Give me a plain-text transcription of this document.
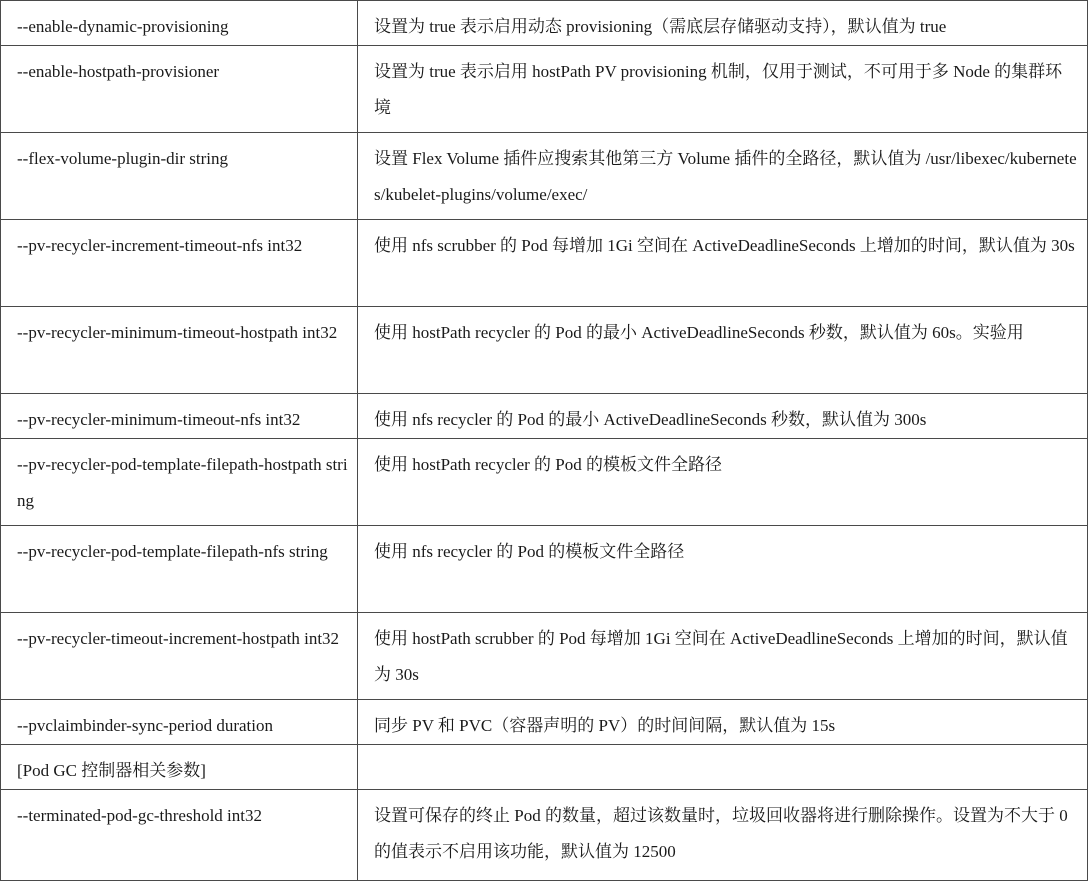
--enable-dynamic-provisioning	设置为 true 表示启用动态 provisioning（需底层存储驱动支持），默认值为 true
--enable-hostpath-provisioner	设置为 true 表示启用 hostPath PV provisioning 机制，仅用于测试，不可用于多 Node 的集群环境
--flex-volume-plugin-dir string	设置 Flex Volume 插件应搜索其他第三方 Volume 插件的全路径，默认值为 /usr/libexec/kubernetes/kubelet-plugins/volume/exec/
--pv-recycler-increment-timeout-nfs int32	使用 nfs scrubber 的 Pod 每增加 1Gi 空间在 ActiveDeadlineSeconds 上增加的时间，默认值为 30s
--pv-recycler-minimum-timeout-hostpath int32	使用 hostPath recycler 的 Pod 的最小 ActiveDeadlineSeconds 秒数，默认值为 60s。实验用
--pv-recycler-minimum-timeout-nfs int32	使用 nfs recycler 的 Pod 的最小 ActiveDeadlineSeconds 秒数，默认值为 300s
--pv-recycler-pod-template-filepath-hostpath string	使用 hostPath recycler 的 Pod 的模板文件全路径
--pv-recycler-pod-template-filepath-nfs string	使用 nfs recycler 的 Pod 的模板文件全路径
--pv-recycler-timeout-increment-hostpath int32	使用 hostPath scrubber 的 Pod 每增加 1Gi 空间在 ActiveDeadlineSeconds 上增加的时间，默认值为 30s
--pvclaimbinder-sync-period duration	同步 PV 和 PVC（容器声明的 PV）的时间间隔，默认值为 15s
[Pod GC 控制器相关参数]	
--terminated-pod-gc-threshold int32	设置可保存的终止 Pod 的数量，超过该数量时，垃圾回收器将进行删除操作。设置为不大于 0 的值表示不启用该功能，默认值为 12500
